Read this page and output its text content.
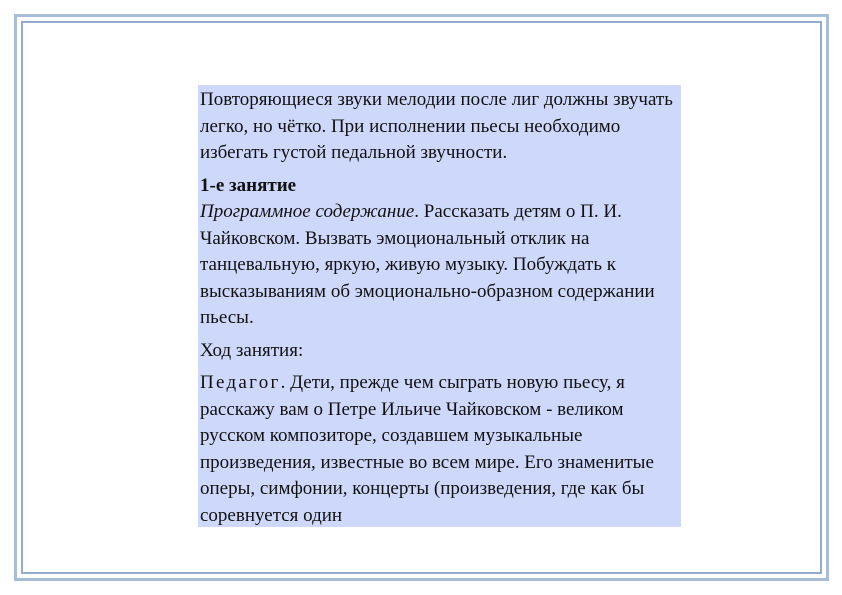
Повторяющиеся звуки мелодии после лиг должны звучать легко, но чётко. При исполнении пьесы необходимо избегать густой педальной звучности.

1-е занятие

Программное содержание. Рассказать детям о П. И. Чайковском. Вызвать эмоциональный отклик на танцевальную, яркую, живую музыку. Побуждать к высказываниям об эмоционально-образном содержании пьесы.

Ход занятия:

Педагог. Дети, прежде чем сыграть новую пьесу, я расскажу вам о Петре Ильиче Чайковском - великом русском композиторе, создавшем музыкальные произведения, известные во всем мире. Его знаменитые оперы, симфонии, концерты (произведения, где как бы соревнуется один
